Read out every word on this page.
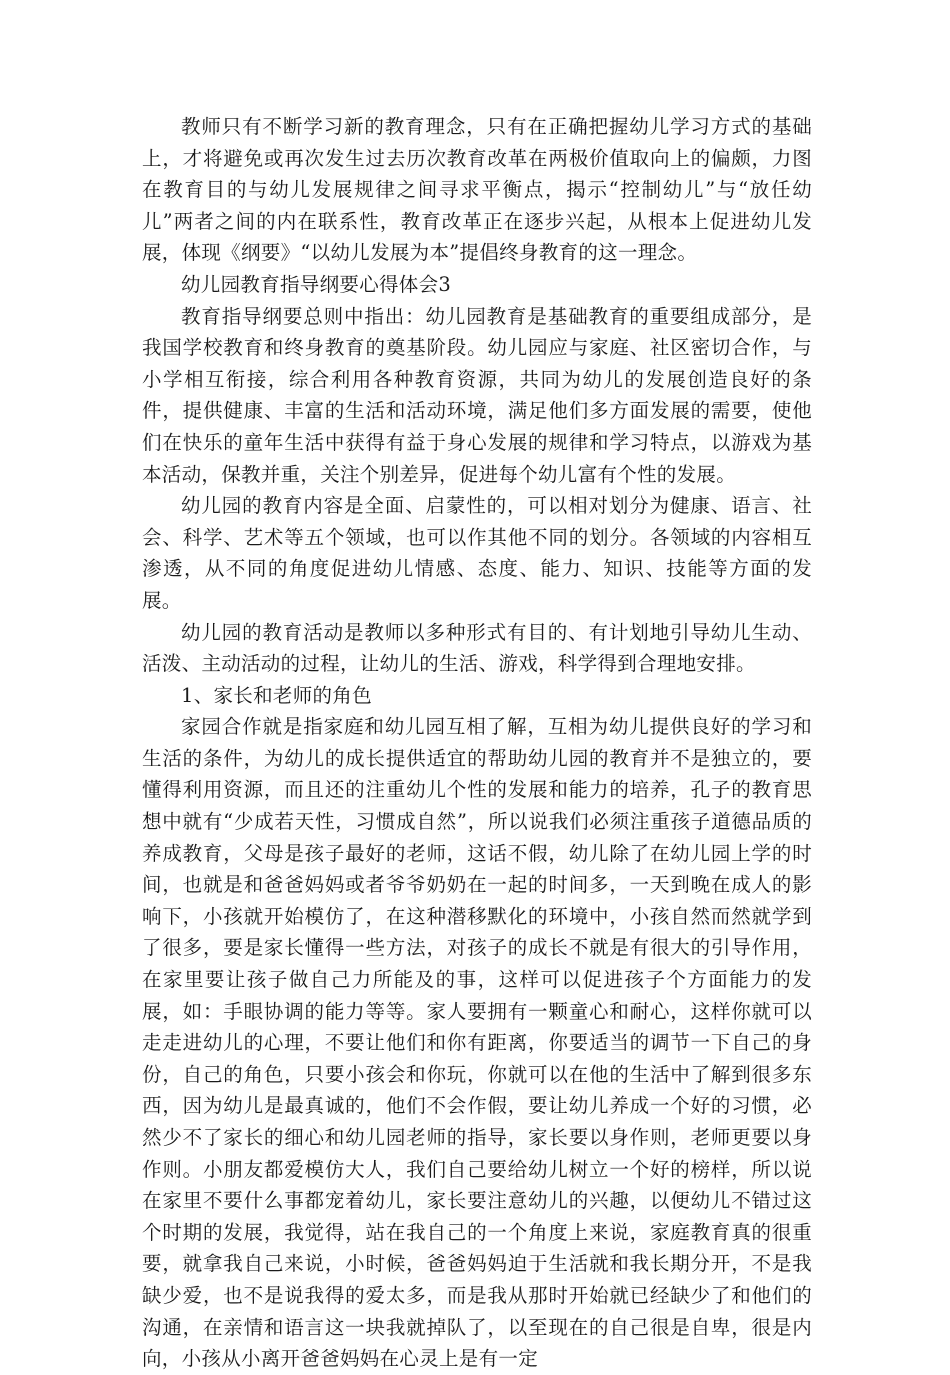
教师只有不断学习新的教育理念，只有在正确把握幼儿学习方式的基础上，才将避免或再次发生过去历次教育改革在两极价值取向上的偏颇，力图在教育目的与幼儿发展规律之间寻求平衡点，揭示“控制幼儿”与“放任幼儿”两者之间的内在联系性，教育改革正在逐步兴起，从根本上促进幼儿发展，体现《纲要》“以幼儿发展为本”提倡终身教育的这一理念。

幼儿园教育指导纲要心得体会3

教育指导纲要总则中指出：幼儿园教育是基础教育的重要组成部分，是我国学校教育和终身教育的奠基阶段。幼儿园应与家庭、社区密切合作，与小学相互衔接，综合利用各种教育资源，共同为幼儿的发展创造良好的条件，提供健康、丰富的生活和活动环境，满足他们多方面发展的需要，使他们在快乐的童年生活中获得有益于身心发展的规律和学习特点，以游戏为基本活动，保教并重，关注个别差异，促进每个幼儿富有个性的发展。

幼儿园的教育内容是全面、启蒙性的，可以相对划分为健康、语言、社会、科学、艺术等五个领域，也可以作其他不同的划分。各领域的内容相互渗透，从不同的角度促进幼儿情感、态度、能力、知识、技能等方面的发展。

幼儿园的教育活动是教师以多种形式有目的、有计划地引导幼儿生动、活泼、主动活动的过程，让幼儿的生活、游戏，科学得到合理地安排。

1、家长和老师的角色

家园合作就是指家庭和幼儿园互相了解，互相为幼儿提供良好的学习和生活的条件，为幼儿的成长提供适宜的帮助幼儿园的教育并不是独立的，要懂得利用资源，而且还的注重幼儿个性的发展和能力的培养，孔子的教育思想中就有“少成若天性，习惯成自然”，所以说我们必须注重孩子道德品质的养成教育，父母是孩子最好的老师，这话不假，幼儿除了在幼儿园上学的时间，也就是和爸爸妈妈或者爷爷奶奶在一起的时间多，一天到晚在成人的影响下，小孩就开始模仿了，在这种潜移默化的环境中，小孩自然而然就学到了很多，要是家长懂得一些方法，对孩子的成长不就是有很大的引导作用，在家里要让孩子做自己力所能及的事，这样可以促进孩子个方面能力的发展，如：手眼协调的能力等等。家人要拥有一颗童心和耐心，这样你就可以走走进幼儿的心理，不要让他们和你有距离，你要适当的调节一下自己的身份，自己的角色，只要小孩会和你玩，你就可以在他的生活中了解到很多东西，因为幼儿是最真诚的，他们不会作假，要让幼儿养成一个好的习惯，必然少不了家长的细心和幼儿园老师的指导，家长要以身作则，老师更要以身作则。小朋友都爱模仿大人，我们自己要给幼儿树立一个好的榜样，所以说在家里不要什么事都宠着幼儿，家长要注意幼儿的兴趣，以便幼儿不错过这个时期的发展，我觉得，站在我自己的一个角度上来说，家庭教育真的很重要，就拿我自己来说，小时候，爸爸妈妈迫于生活就和我长期分开，不是我缺少爱，也不是说我得的爱太多，而是我从那时开始就已经缺少了和他们的沟通，在亲情和语言这一块我就掉队了，以至现在的自己很是自卑，很是内向，小孩从小离开爸爸妈妈在心灵上是有一定
